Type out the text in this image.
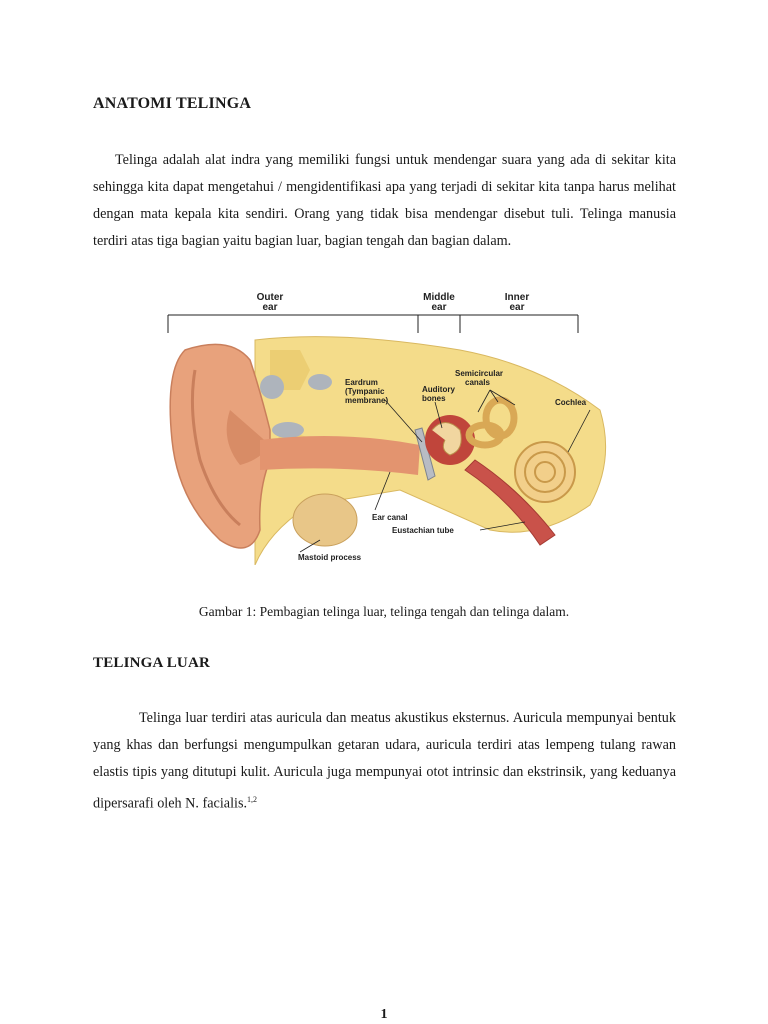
ANATOMI TELINGA

Telinga adalah alat indra yang memiliki fungsi untuk mendengar suara yang ada di sekitar kita sehingga kita dapat mengetahui / mengidentifikasi apa yang terjadi di sekitar kita tanpa harus melihat dengan mata kepala kita sendiri. Orang yang tidak bisa mendengar disebut tuli. Telinga manusia terdiri atas tiga bagian yaitu bagian luar, bagian tengah dan bagian dalam.

Outer
ear
Middle
ear
Inner
ear
Eardrum
(Tympanic
membrane)
Auditory
bones
Semicircular
canals
Cochlea
Ear canal
Eustachian tube
Mastoid process
Gambar 1: Pembagian telinga luar, telinga tengah dan telinga dalam.
TELINGA LUAR

Telinga luar terdiri atas auricula dan meatus akustikus eksternus. Auricula mempunyai bentuk yang khas dan berfungsi mengumpulkan getaran udara, auricula terdiri atas lempeng tulang rawan elastis tipis yang ditutupi kulit. Auricula juga mempunyai otot intrinsic dan ekstrinsik, yang keduanya dipersarafi oleh N. facialis.$^{1,2}$

1
